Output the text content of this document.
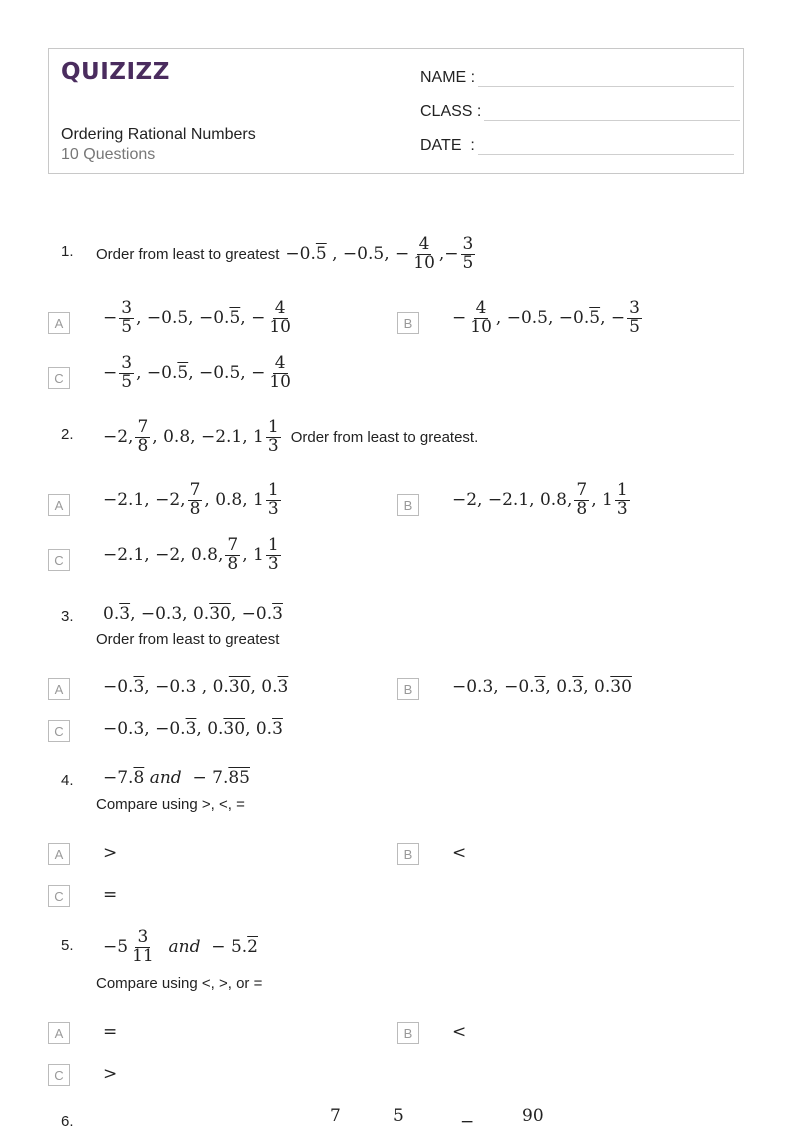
QUIZIZZ
Ordering Rational Numbers
10 Questions
NAME :
CLASS :
DATE  :
1. Order from least to greatest −0.5 , −0.5, − $\frac{4}{10}$ ,− $\frac{3}{5}$
A	− $\frac{3}{5}$ , −0.5, −0. 5 , − $\frac{4}{10}$	B	− $\frac{4}{10}$ , −0.5, −0. 5 , − $\frac{3}{5}$
C	− $\frac{3}{5}$ , −0. 5 , −0.5, − $\frac{4}{10}$
2. −2, $\frac{7}{8}$ , 0.8, −2.1, $1 \frac{1}{3}$ Order from least to greatest.
A	−2.1, −2, $\frac{7}{8}$ , 0.8, $1 \frac{1}{3}$	B	−2, −2.1, 0.8, $\frac{7}{8}$ , $1 \frac{1}{3}$
C	−2.1, −2, 0.8, $\frac{7}{8}$ , $1 \frac{1}{3}$
3. 0. 3 , −0.3, 0. 30 , −0. 3
Order from least to greatest
A	−0. 3 , −0.3 , 0. 30 , 0. 3	B	−0.3, −0. 3 , 0. 3 , 0. 30
C	−0.3, −0. 3 , 0. 30 , 0. 3
4. −7. 8
and
− 7. 85
Compare using >, <, =
A	>	B	<
C	=
5. $-5 \frac{3}{11}$
and
− 5. 2
Compare using <, >, or =
A	=	B	<
C	>
6.	7	5	−	90
